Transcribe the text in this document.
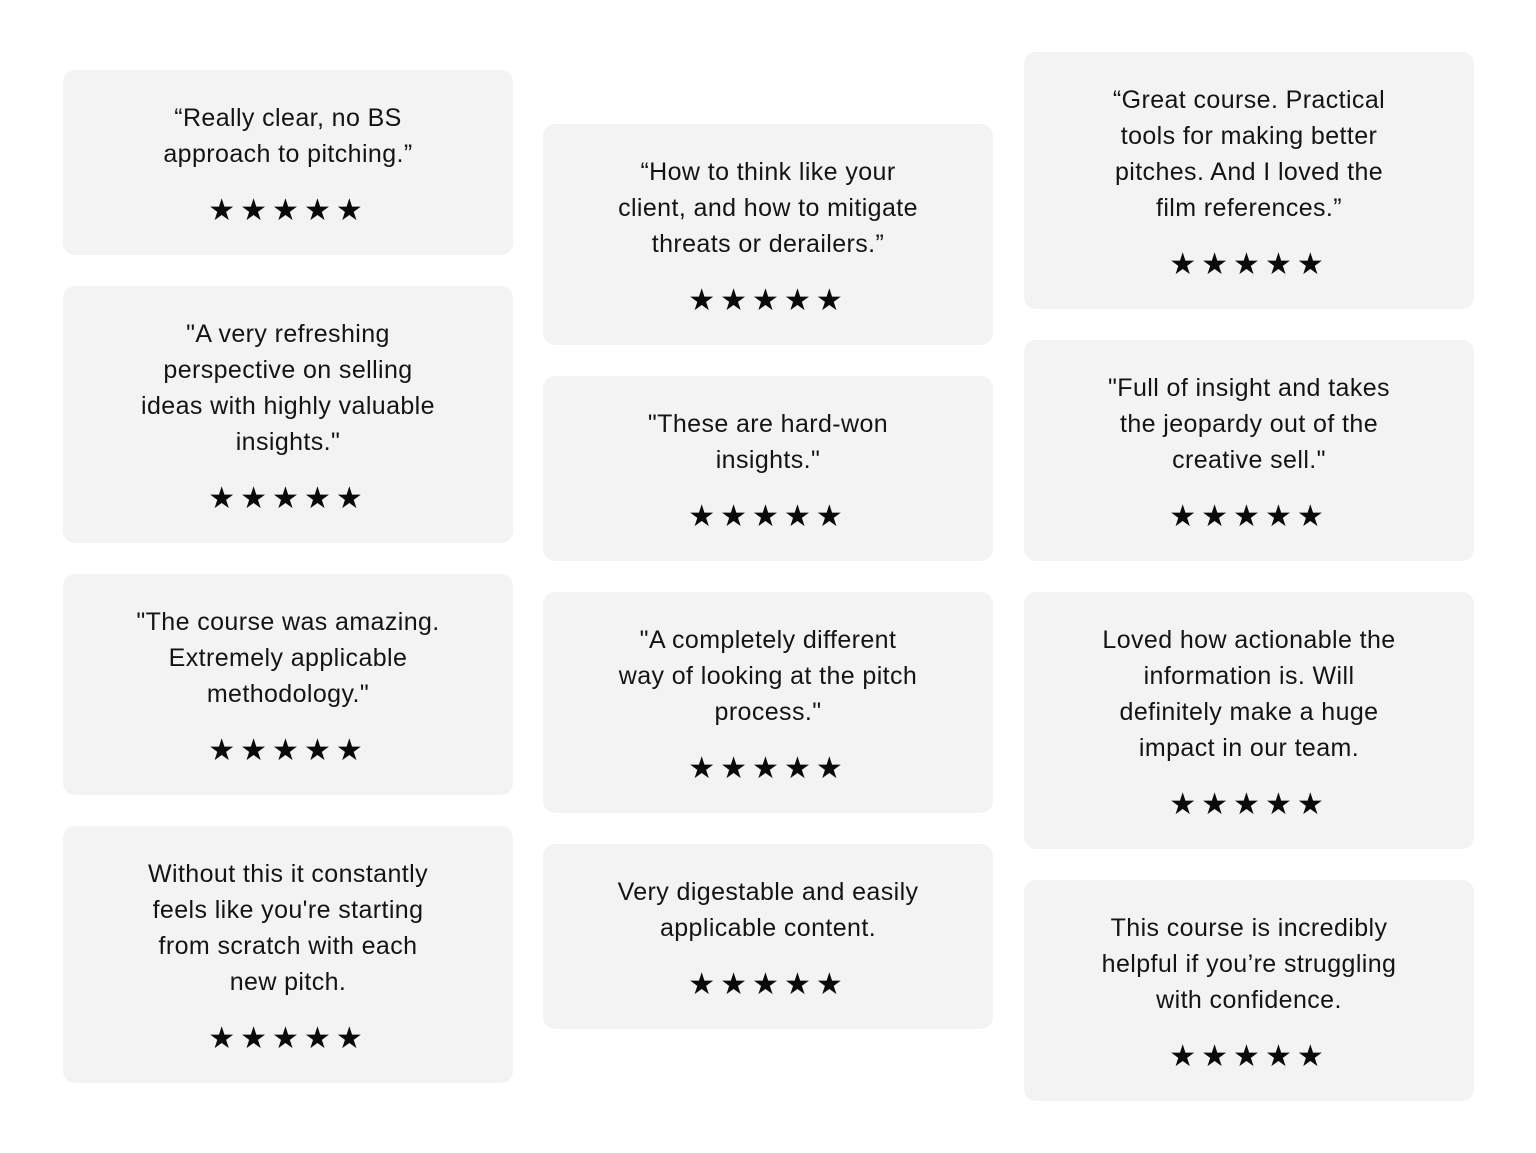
“Really clear, no BS
approach to pitching.”

★★★★★

"A very refreshing
perspective on selling
ideas with highly valuable
insights."

★★★★★

"The course was amazing.
Extremely applicable
methodology."

★★★★★

Without this it constantly
feels like you're starting
from scratch with each
new pitch.

★★★★★

“How to think like your
client, and how to mitigate
threats or derailers.”

★★★★★

"These are hard-won
insights."

★★★★★

"A completely different
way of looking at the pitch
process."

★★★★★

Very digestable and easily
applicable content.

★★★★★

“Great course. Practical
tools for making better
pitches. And I loved the
film references.”

★★★★★

"Full of insight and takes
the jeopardy out of the
creative sell."

★★★★★

Loved how actionable the
information is. Will
definitely make a huge
impact in our team.

★★★★★

This course is incredibly
helpful if you’re struggling
with confidence.

★★★★★
